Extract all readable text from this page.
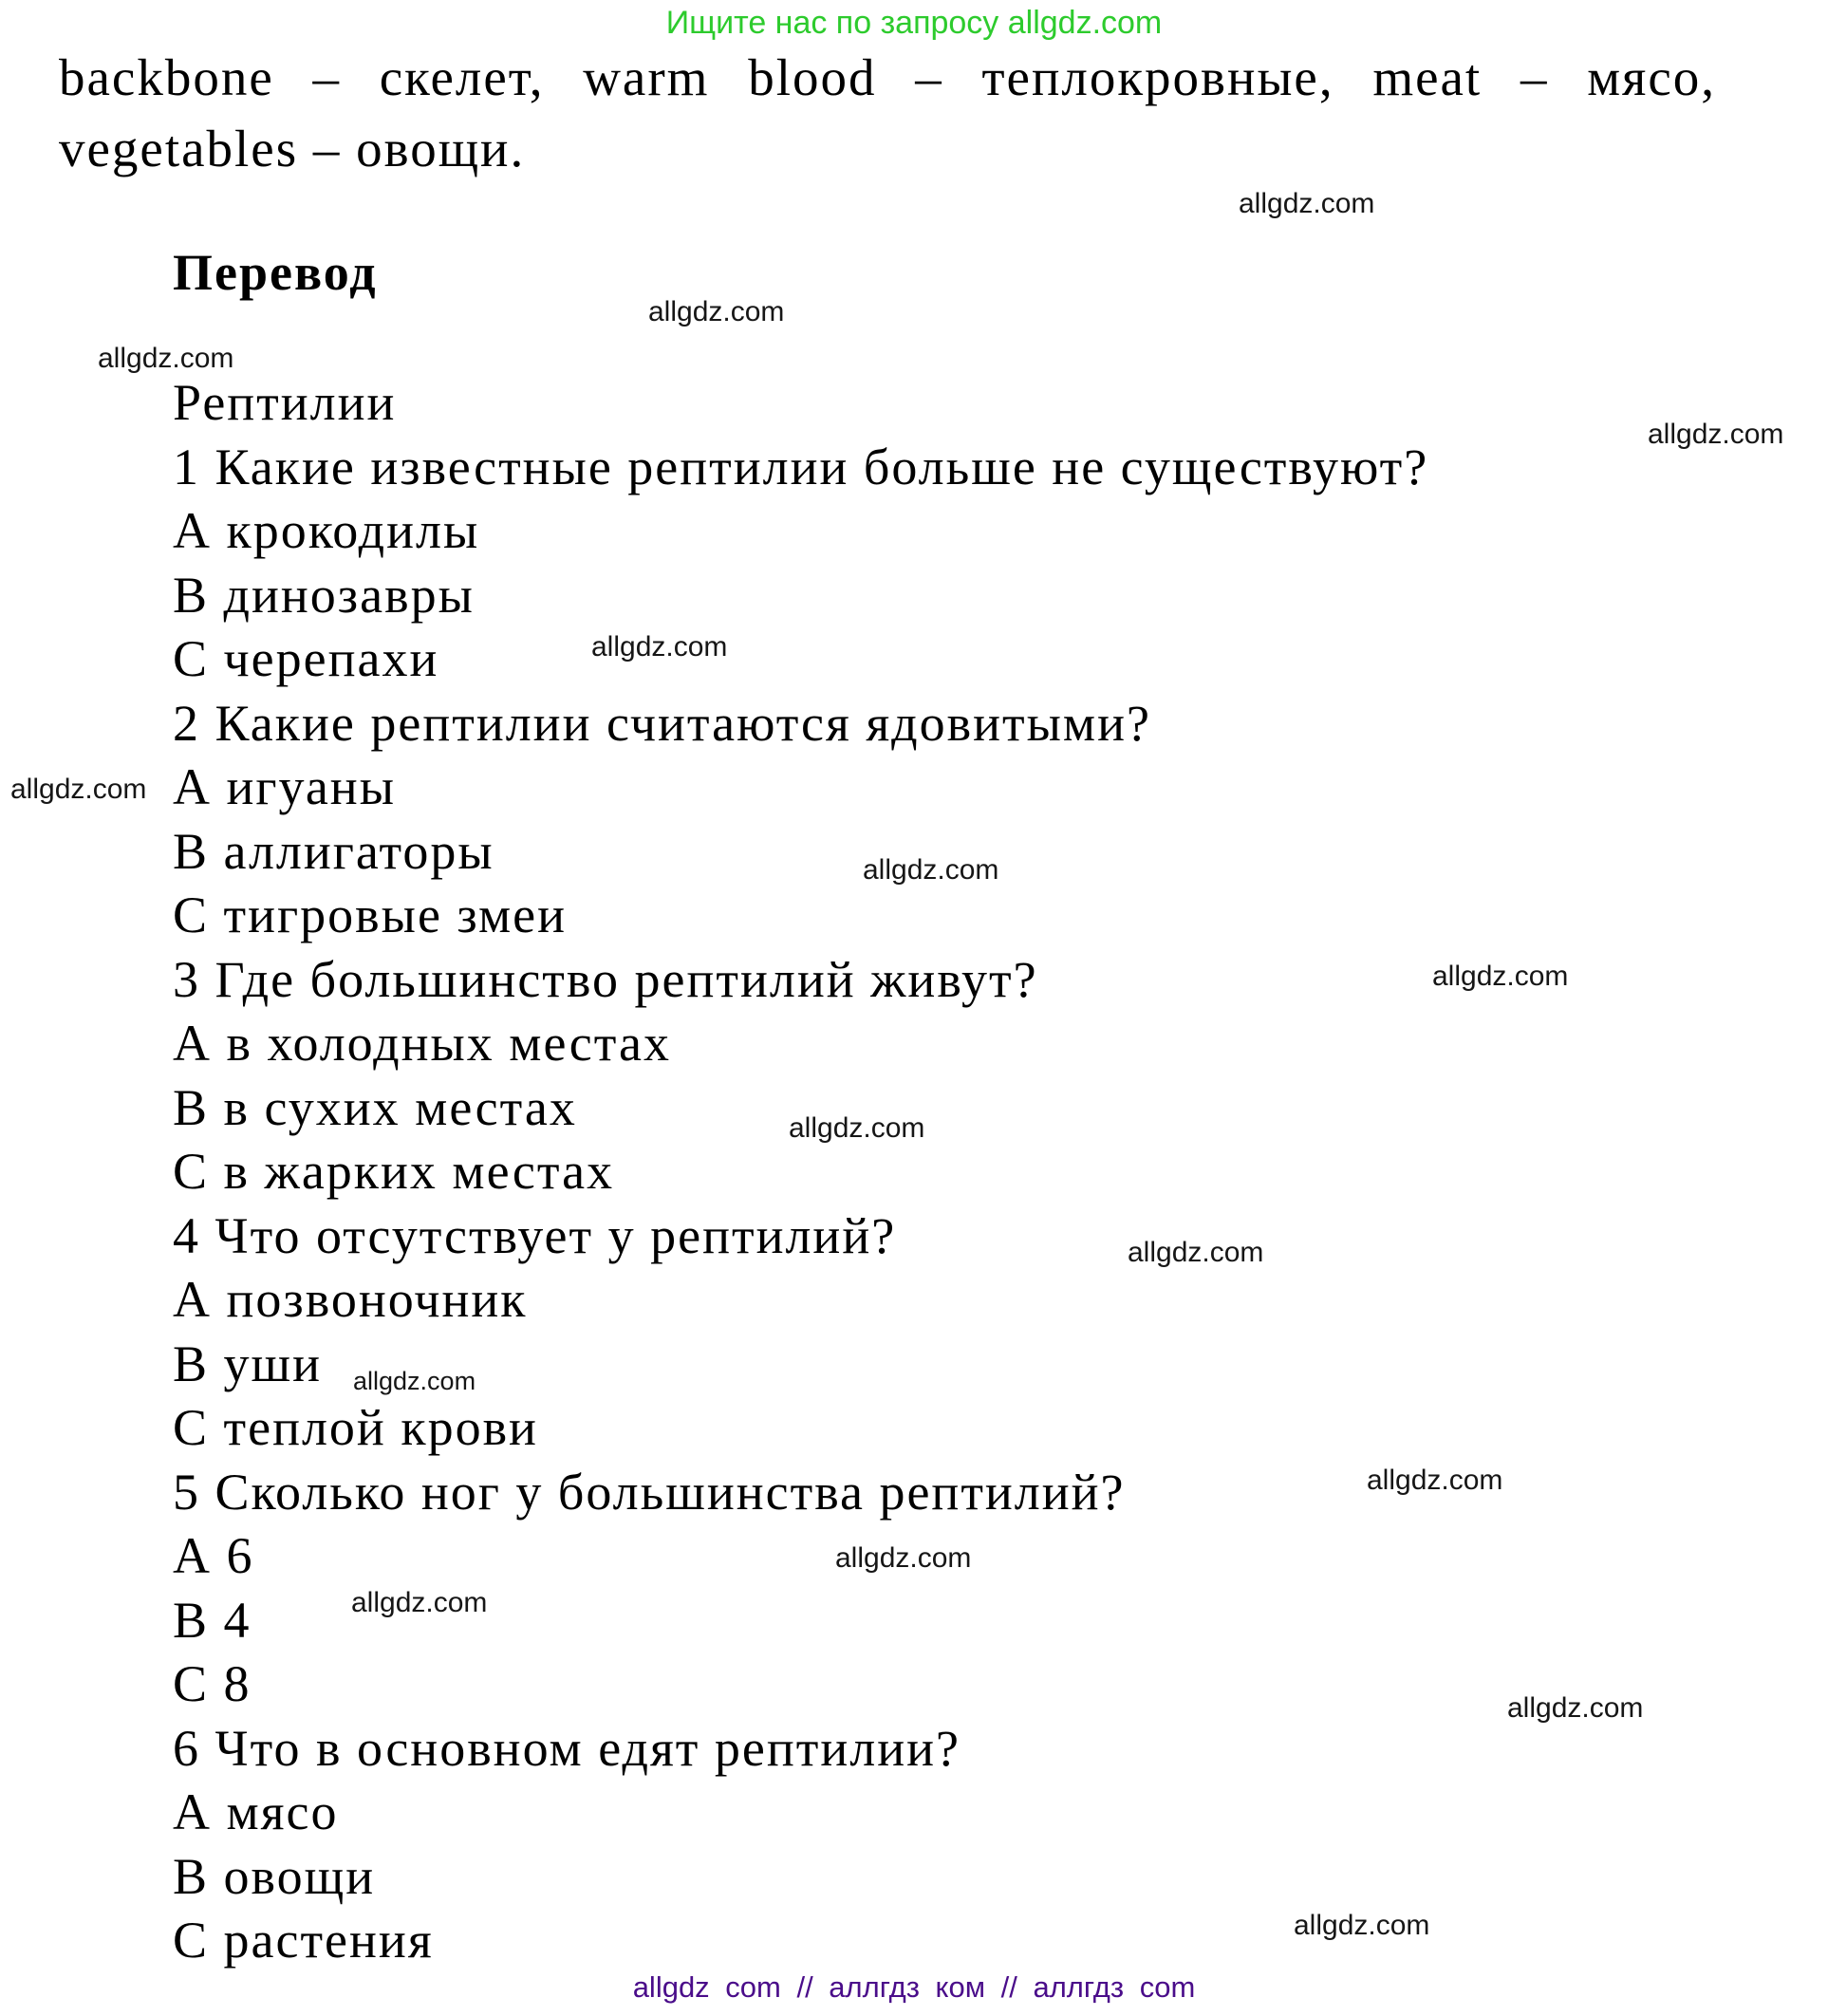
Ищите нас по запросу allgdz.com
backbone – скелет, warm blood – теплокровные, meat – мясо,
vegetables – овощи.
Перевод
Рептилии
1 Какие известные рептилии больше не существуют?
А крокодилы
В динозавры
С черепахи
2 Какие рептилии считаются ядовитыми?
А игуаны
В аллигаторы
С тигровые змеи
3 Где большинство рептилий живут?
А в холодных местах
В в сухих местах
С в жарких местах
4 Что отсутствует у рептилий?
А позвоночник
В уши
С теплой крови
5 Сколько ног у большинства рептилий?
А 6
В 4
С 8
6 Что в основном едят рептилии?
А мясо
В овощи
С растения
allgdz.com
allgdz.com
allgdz.com
allgdz.com
allgdz.com
allgdz.com
allgdz.com
allgdz.com
allgdz.com
allgdz.com
allgdz.com
allgdz.com
allgdz.com
allgdz.com
allgdz.com
allgdz.com
allgdz com // аллгдз ком // аллгдз com
